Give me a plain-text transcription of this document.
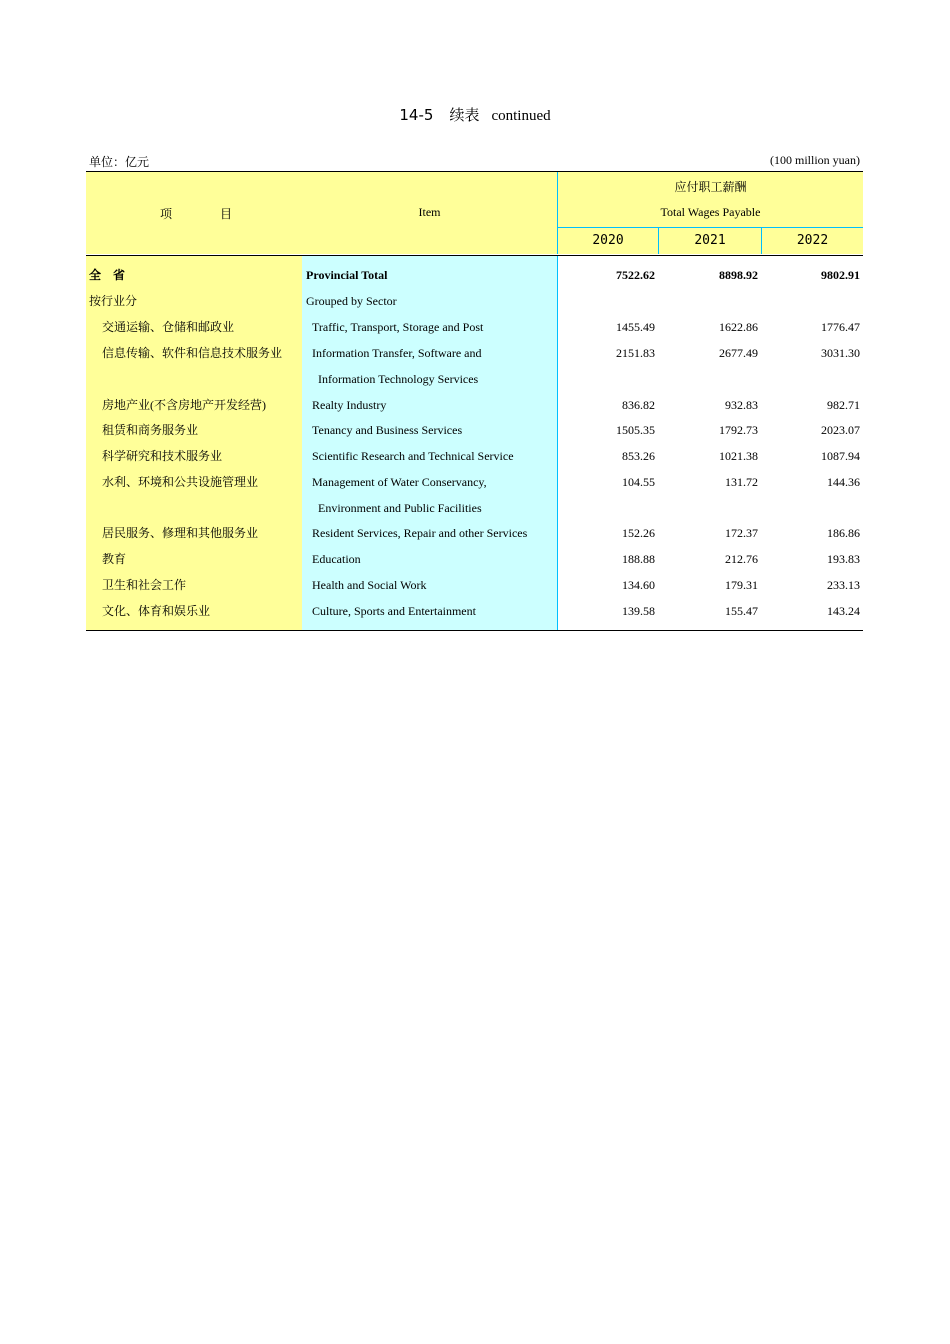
14-5 续表 continued
单位：亿元	(100 million yuan)
项	目	Item
应付职工薪酬
Total Wages Payable
2020	2021	2022
全　省	Provincial Total	7522.62	8898.92	9802.91
按行业分	Grouped by Sector
交通运输、仓储和邮政业	Traffic, Transport, Storage and Post	1455.49	1622.86	1776.47
信息传输、软件和信息技术服务业 Information Transfer, Software and	2151.83	2677.49	3031.30
Information Technology Services
房地产业(不含房地产开发经营)	Realty Industry	836.82	932.83	982.71
租赁和商务服务业	Tenancy and Business Services	1505.35	1792.73	2023.07
科学研究和技术服务业	Scientific Research and Technical Service	853.26	1021.38	1087.94
水利、环境和公共设施管理业	Management of Water Conservancy,	104.55	131.72	144.36
Environment and Public Facilities
居民服务、修理和其他服务业	Resident Services, Repair and other Services	152.26	172.37	186.86
教育	Education	188.88	212.76	193.83
卫生和社会工作	Health and Social Work	134.60	179.31	233.13
文化、体育和娱乐业	Culture, Sports and Entertainment	139.58	155.47	143.24
